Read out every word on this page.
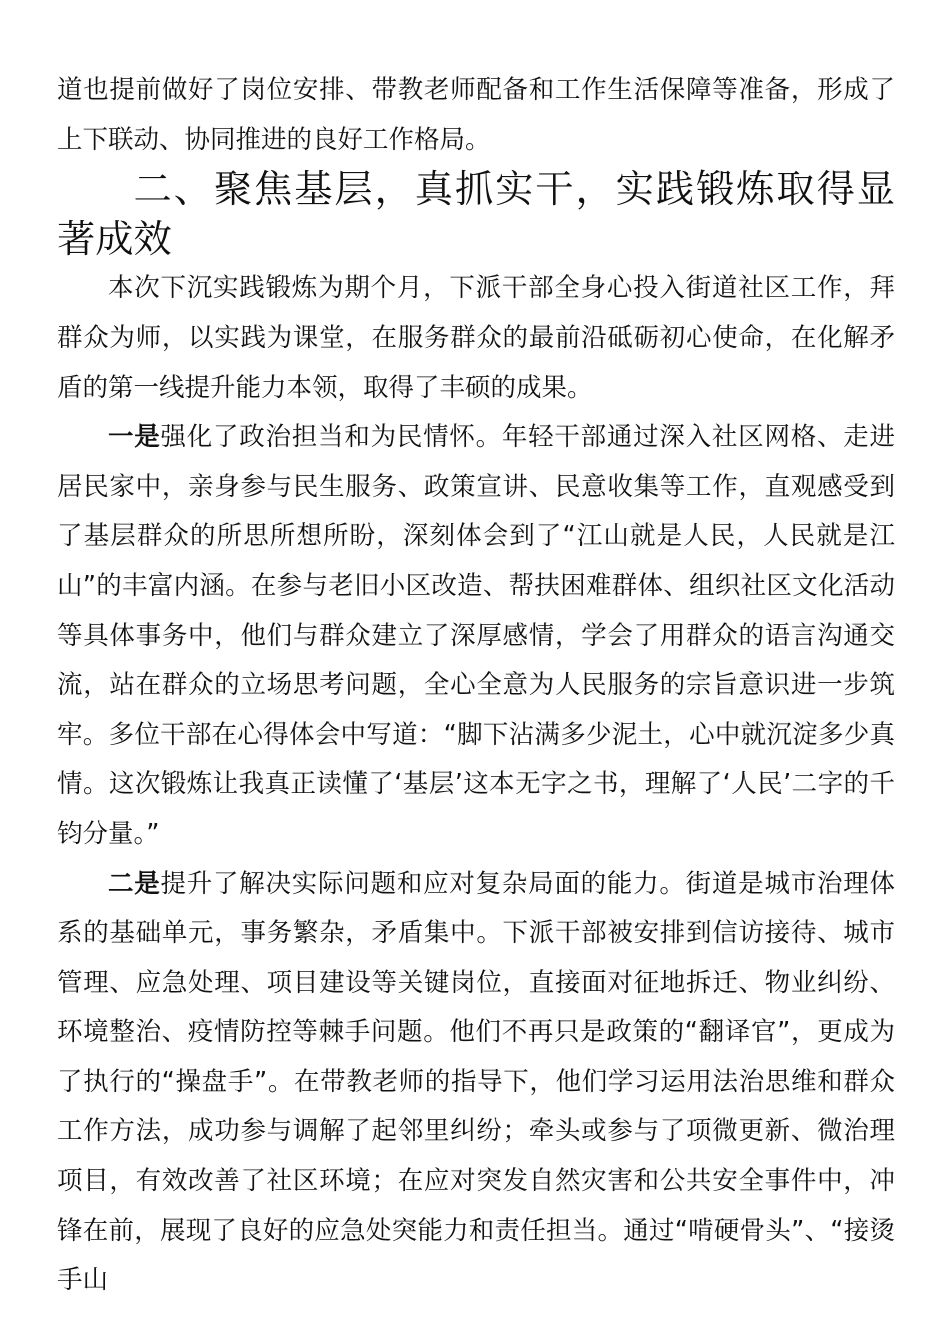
道也提前做好了岗位安排、带教老师配备和工作生活保障等准备，形成了上下联动、协同推进的良好工作格局。

二、聚焦基层，真抓实干，实践锻炼取得显著成效

本次下沉实践锻炼为期个月，下派干部全身心投入街道社区工作，拜群众为师，以实践为课堂，在服务群众的最前沿砥砺初心使命，在化解矛盾的第一线提升能力本领，取得了丰硕的成果。

一是强化了政治担当和为民情怀。年轻干部通过深入社区网格、走进居民家中，亲身参与民生服务、政策宣讲、民意收集等工作，直观感受到了基层群众的所思所想所盼，深刻体会到了“江山就是人民，人民就是江山”的丰富内涵。在参与老旧小区改造、帮扶困难群体、组织社区文化活动等具体事务中，他们与群众建立了深厚感情，学会了用群众的语言沟通交流，站在群众的立场思考问题，全心全意为人民服务的宗旨意识进一步筑牢。多位干部在心得体会中写道：“脚下沾满多少泥土，心中就沉淀多少真情。这次锻炼让我真正读懂了‘基层’这本无字之书，理解了‘人民’二字的千钧分量。”

二是提升了解决实际问题和应对复杂局面的能力。街道是城市治理体系的基础单元，事务繁杂，矛盾集中。下派干部被安排到信访接待、城市管理、应急处理、项目建设等关键岗位，直接面对征地拆迁、物业纠纷、环境整治、疫情防控等棘手问题。他们不再只是政策的“翻译官”，更成为了执行的“操盘手”。在带教老师的指导下，他们学习运用法治思维和群众工作方法，成功参与调解了起邻里纠纷；牵头或参与了项微更新、微治理项目，有效改善了社区环境；在应对突发自然灾害和公共安全事件中，冲锋在前，展现了良好的应急处突能力和责任担当。通过“啃硬骨头”、“接烫手山
